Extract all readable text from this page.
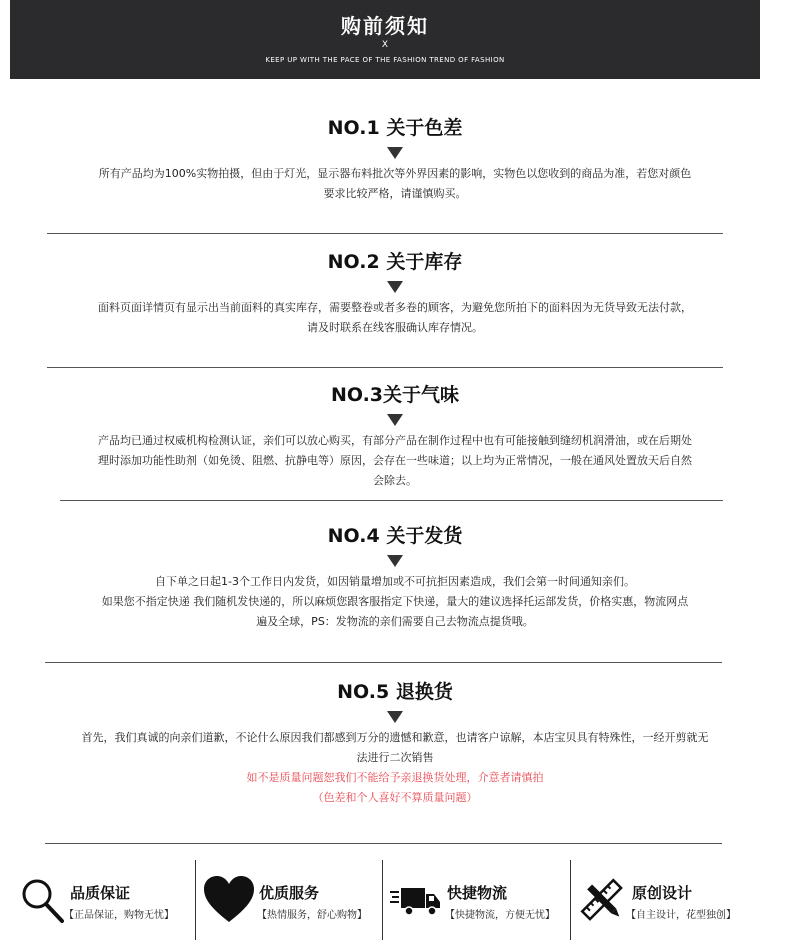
购前须知
X
KEEP UP WITH THE PACE OF THE FASHION TREND OF FASHION
NO.1 关于色差
所有产品均为100%实物拍摄，但由于灯光，显示器布料批次等外界因素的影响，实物色以您收到的商品为准，若您对颜色
要求比较严格，请谨慎购买。
NO.2 关于库存
面料页面详情页有显示出当前面料的真实库存，需要整卷或者多卷的顾客，为避免您所拍下的面料因为无货导致无法付款，
请及时联系在线客服确认库存情况。
NO.3关于气味
产品均已通过权威机构检测认证，亲们可以放心购买，有部分产品在制作过程中也有可能接触到缝纫机润滑油，或在后期处
理时添加功能性助剂（如免烫、阻燃、抗静电等）原因，会存在一些味道；以上均为正常情况，一般在通风处置放天后自然
会除去。
NO.4 关于发货
自下单之日起1-3个工作日内发货，如因销量增加或不可抗拒因素造成，我们会第一时间通知亲们。
如果您不指定快递 我们随机发快递的，所以麻烦您跟客服指定下快递，量大的建议选择托运部发货，价格实惠，物流网点
遍及全球，PS：发物流的亲们需要自己去物流点提货哦。
NO.5 退换货
首先，我们真诚的向亲们道歉，不论什么原因我们都感到万分的遗憾和歉意，也请客户谅解，本店宝贝具有特殊性，一经开剪就无
法进行二次销售
如不是质量问题恕我们不能给予亲退换货处理，介意者请慎拍
（色差和个人喜好不算质量问题）
品质保证
【正品保证，购物无忧】
优质服务
【热情服务，舒心购物】
快捷物流
【快捷物流，方便无忧】
原创设计
【自主设计，花型独创】
